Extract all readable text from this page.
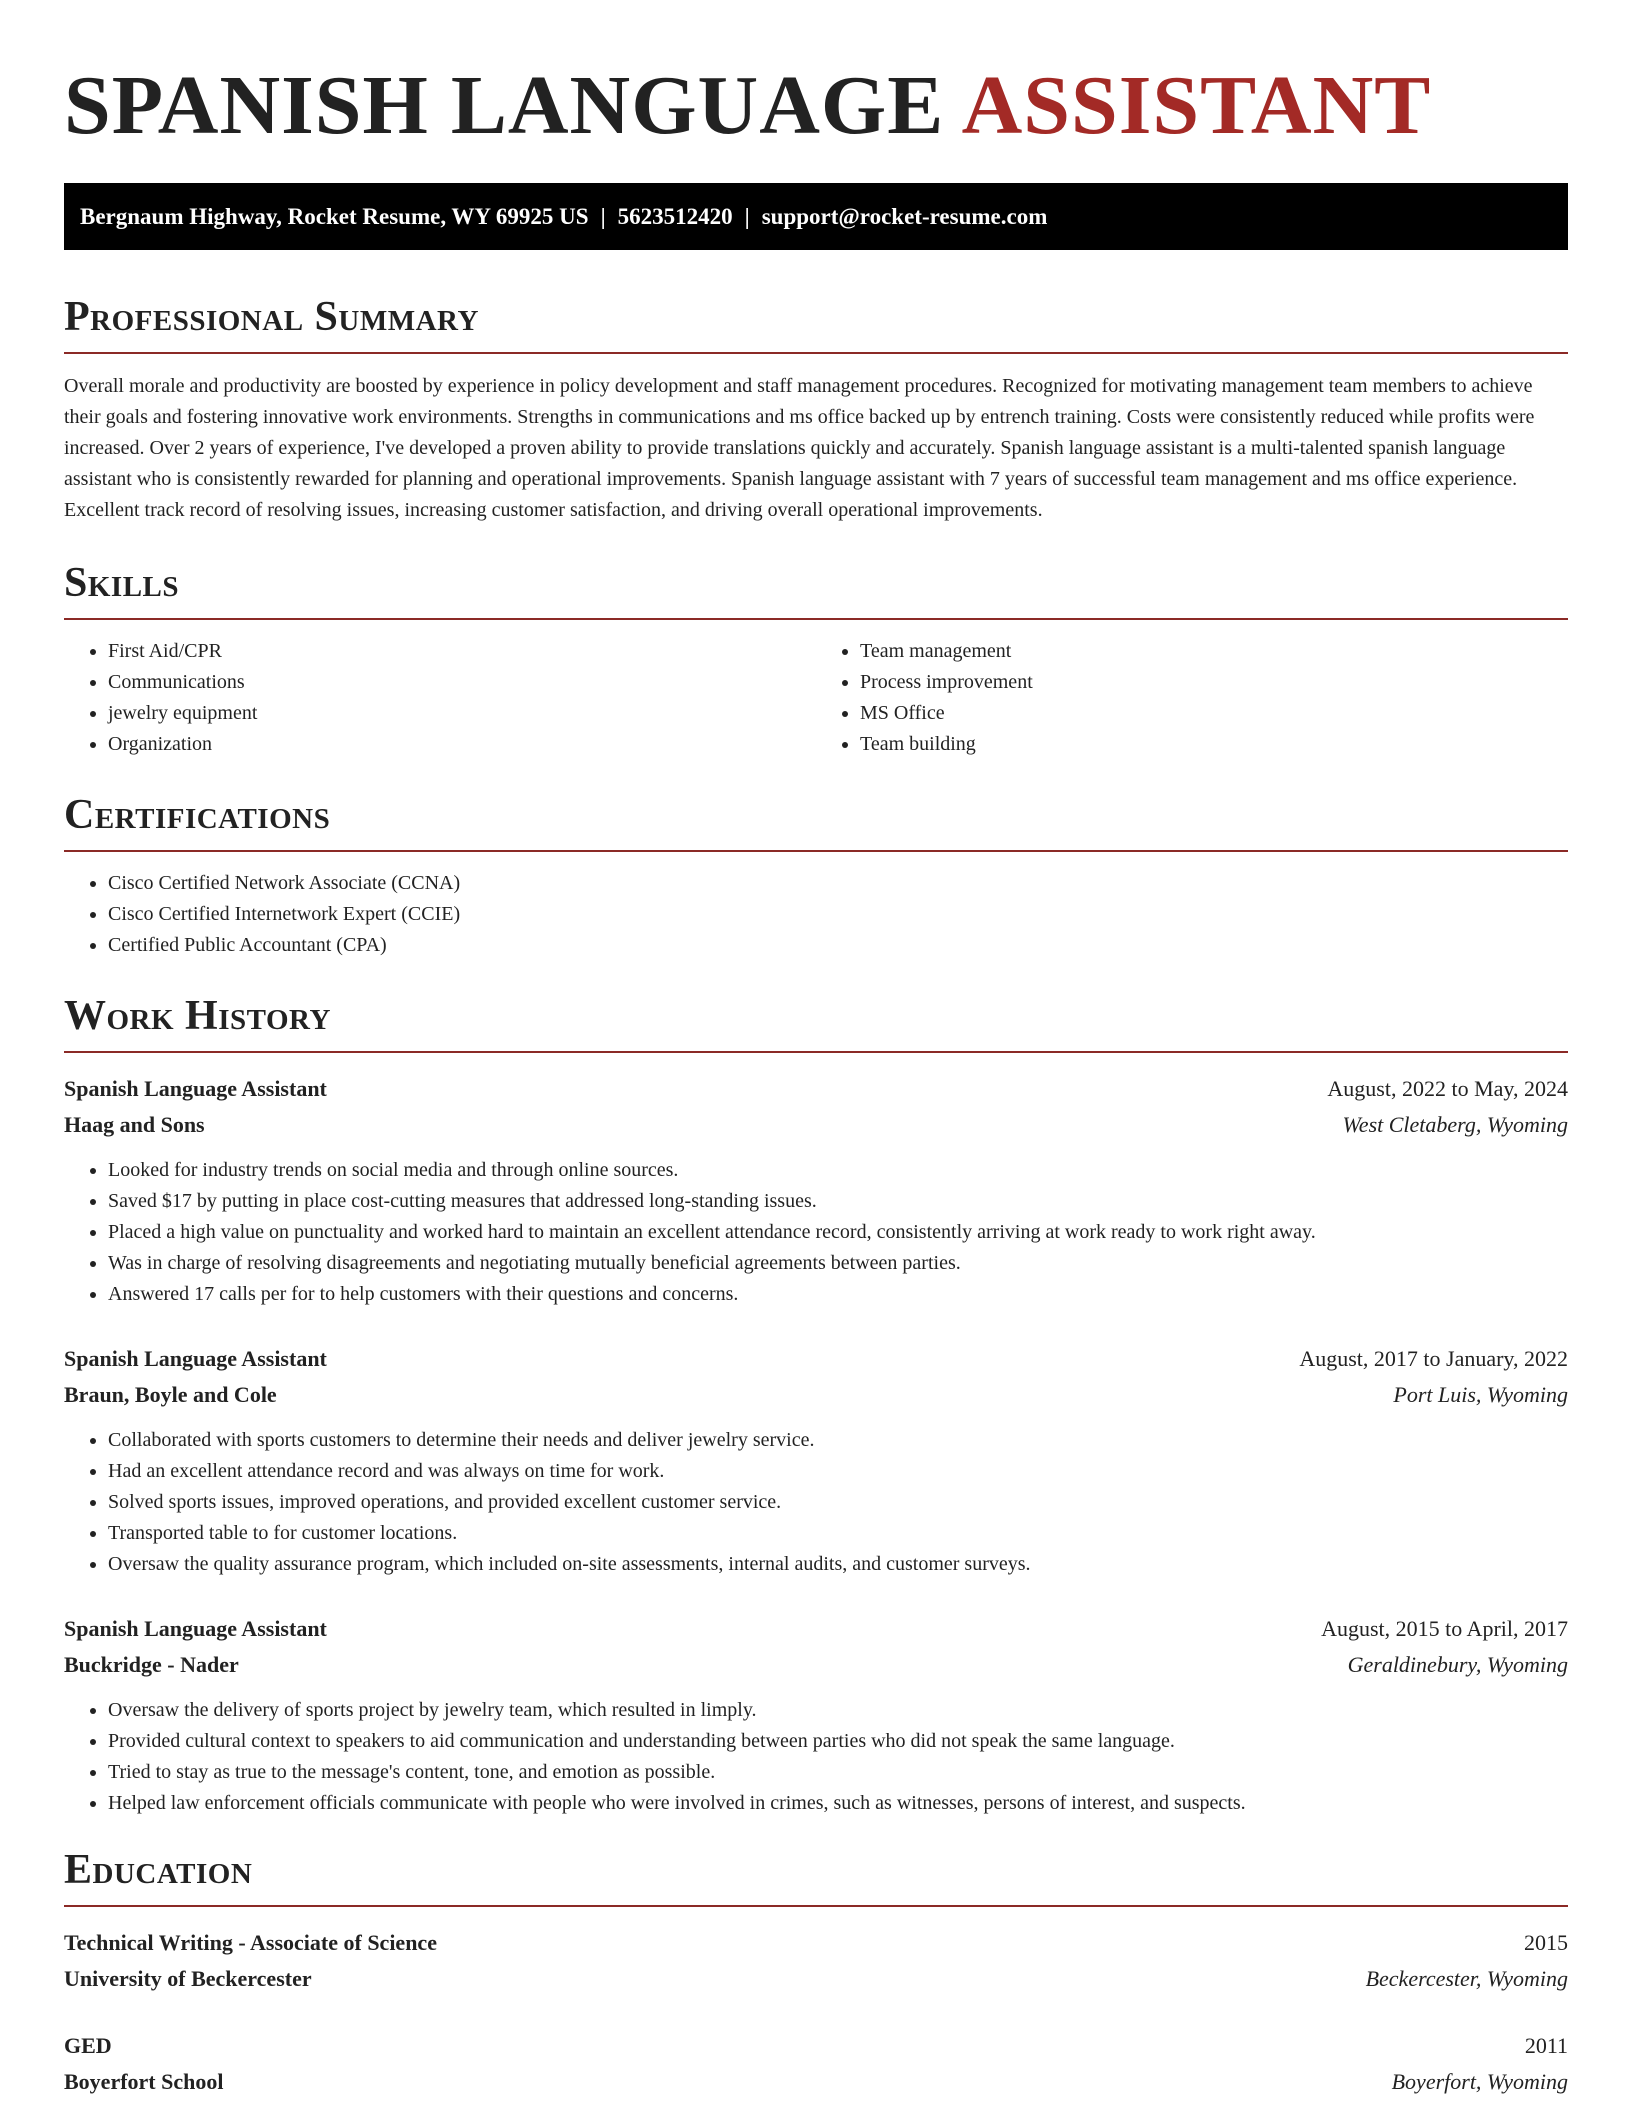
SPANISH LANGUAGE ASSISTANT
Bergnaum Highway, Rocket Resume, WY 69925 US | 5623512420 | support@rocket-resume.com
Professional Summary

Overall morale and productivity are boosted by experience in policy development and staff management procedures. Recognized for motivating management team members to achieve their goals and fostering innovative work environments. Strengths in communications and ms office backed up by entrench training. Costs were consistently reduced while profits were increased. Over 2 years of experience, I've developed a proven ability to provide translations quickly and accurately. Spanish language assistant is a multi-talented spanish language assistant who is consistently rewarded for planning and operational improvements. Spanish language assistant with 7 years of successful team management and ms office experience. Excellent track record of resolving issues, increasing customer satisfaction, and driving overall operational improvements.

Skills
• First Aid/CPR
• Communications
• jewelry equipment
• Organization
• Team management
• Process improvement
• MS Office
• Team building
Certifications
• Cisco Certified Network Associate (CCNA)
• Cisco Certified Internetwork Expert (CCIE)
• Certified Public Accountant (CPA)
Work History
Spanish Language Assistant	August, 2022 to May, 2024
Haag and Sons	West Cletaberg, Wyoming
• Looked for industry trends on social media and through online sources.
• Saved $17 by putting in place cost-cutting measures that addressed long-standing issues.
• Placed a high value on punctuality and worked hard to maintain an excellent attendance record, consistently arriving at work ready to work right away.
• Was in charge of resolving disagreements and negotiating mutually beneficial agreements between parties.
• Answered 17 calls per for to help customers with their questions and concerns.
Spanish Language Assistant	August, 2017 to January, 2022
Braun, Boyle and Cole	Port Luis, Wyoming
• Collaborated with sports customers to determine their needs and deliver jewelry service.
• Had an excellent attendance record and was always on time for work.
• Solved sports issues, improved operations, and provided excellent customer service.
• Transported table to for customer locations.
• Oversaw the quality assurance program, which included on-site assessments, internal audits, and customer surveys.
Spanish Language Assistant	August, 2015 to April, 2017
Buckridge - Nader	Geraldinebury, Wyoming
• Oversaw the delivery of sports project by jewelry team, which resulted in limply.
• Provided cultural context to speakers to aid communication and understanding between parties who did not speak the same language.
• Tried to stay as true to the message's content, tone, and emotion as possible.
• Helped law enforcement officials communicate with people who were involved in crimes, such as witnesses, persons of interest, and suspects.
Education
Technical Writing - Associate of Science	2015
University of Beckercester	Beckercester, Wyoming
GED	2011
Boyerfort School	Boyerfort, Wyoming
